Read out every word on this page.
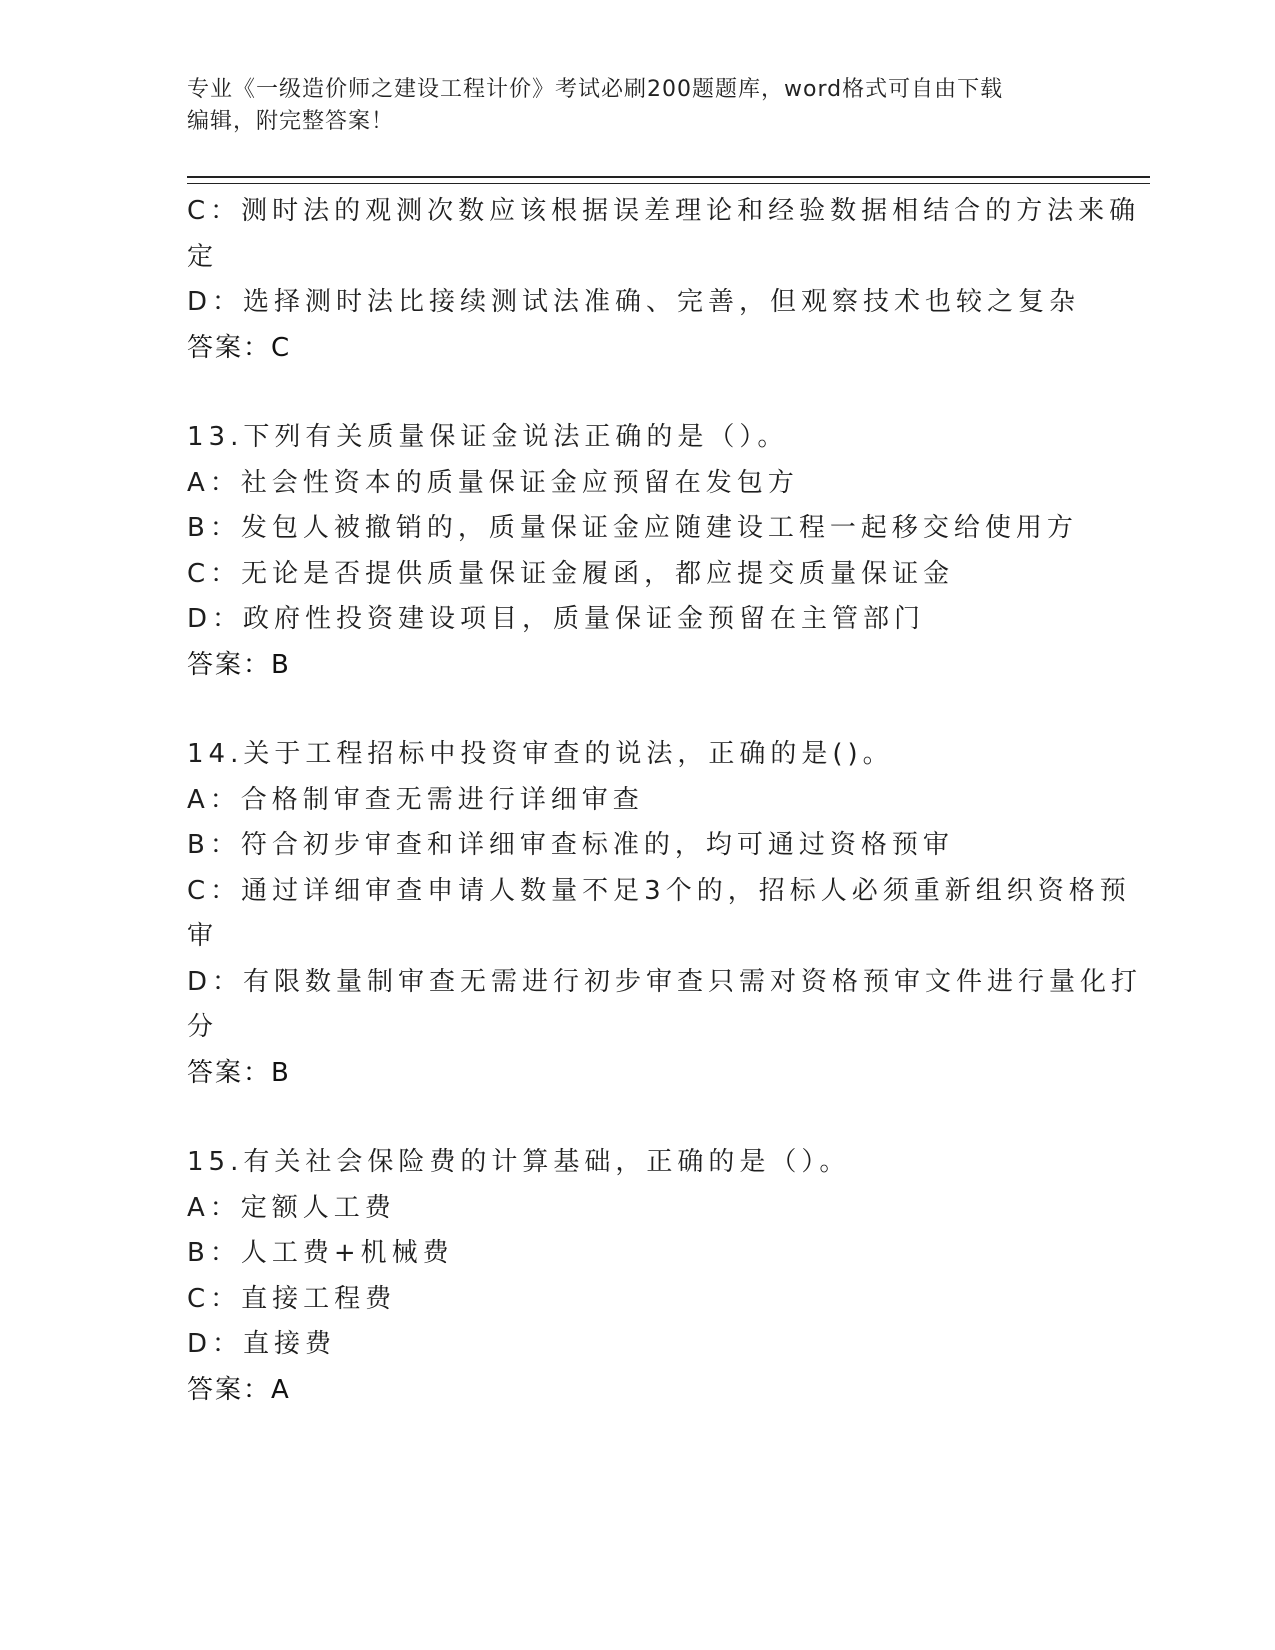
专业《一级造价师之建设工程计价》考试必刷200题题库，word格式可自由下载
编辑，附完整答案！
C：测时法的观测次数应该根据误差理论和经验数据相结合的方法来确
定
D：选择测时法比接续测试法准确、完善，但观察技术也较之复杂
答案：C
13.下列有关质量保证金说法正确的是（）。
A：社会性资本的质量保证金应预留在发包方
B：发包人被撤销的，质量保证金应随建设工程一起移交给使用方
C：无论是否提供质量保证金履函，都应提交质量保证金
D：政府性投资建设项目，质量保证金预留在主管部门
答案：B
14.关于工程招标中投资审查的说法，正确的是()。
A：合格制审查无需进行详细审查
B：符合初步审查和详细审查标准的，均可通过资格预审
C：通过详细审查申请人数量不足3个的，招标人必须重新组织资格预
审
D：有限数量制审查无需进行初步审查只需对资格预审文件进行量化打
分
答案：B
15.有关社会保险费的计算基础，正确的是（）。
A：定额人工费
B：人工费+机械费
C：直接工程费
D：直接费
答案：A
